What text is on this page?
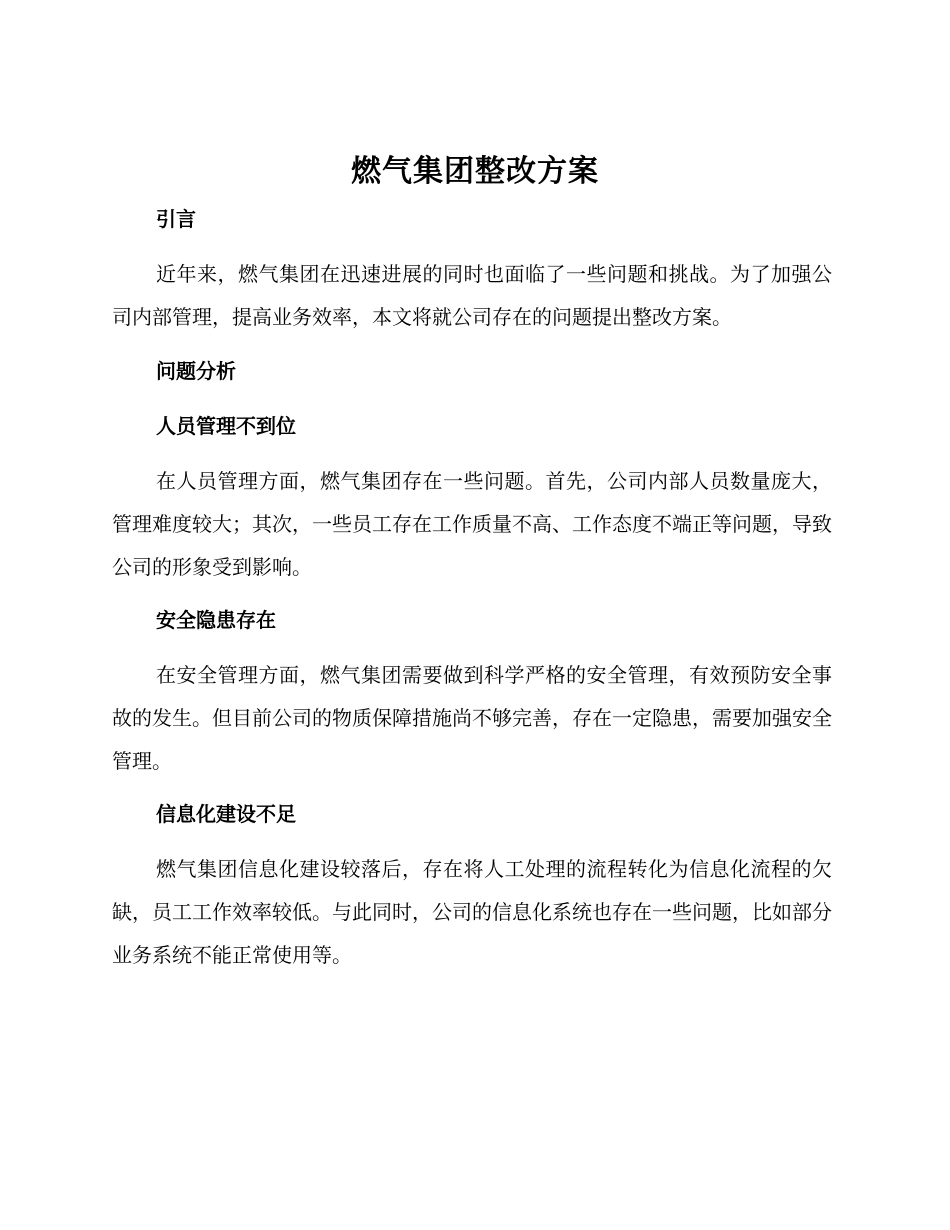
燃气集团整改方案
引言

近年来，燃气集团在迅速进展的同时也面临了一些问题和挑战。为了加强公司内部管理，提高业务效率，本文将就公司存在的问题提出整改方案。

问题分析
人员管理不到位

在人员管理方面，燃气集团存在一些问题。首先，公司内部人员数量庞大，管理难度较大；其次，一些员工存在工作质量不高、工作态度不端正等问题，导致公司的形象受到影响。

安全隐患存在

在安全管理方面，燃气集团需要做到科学严格的安全管理，有效预防安全事故的发生。但目前公司的物质保障措施尚不够完善，存在一定隐患，需要加强安全管理。

信息化建设不足

燃气集团信息化建设较落后，存在将人工处理的流程转化为信息化流程的欠缺，员工工作效率较低。与此同时，公司的信息化系统也存在一些问题，比如部分业务系统不能正常使用等。
